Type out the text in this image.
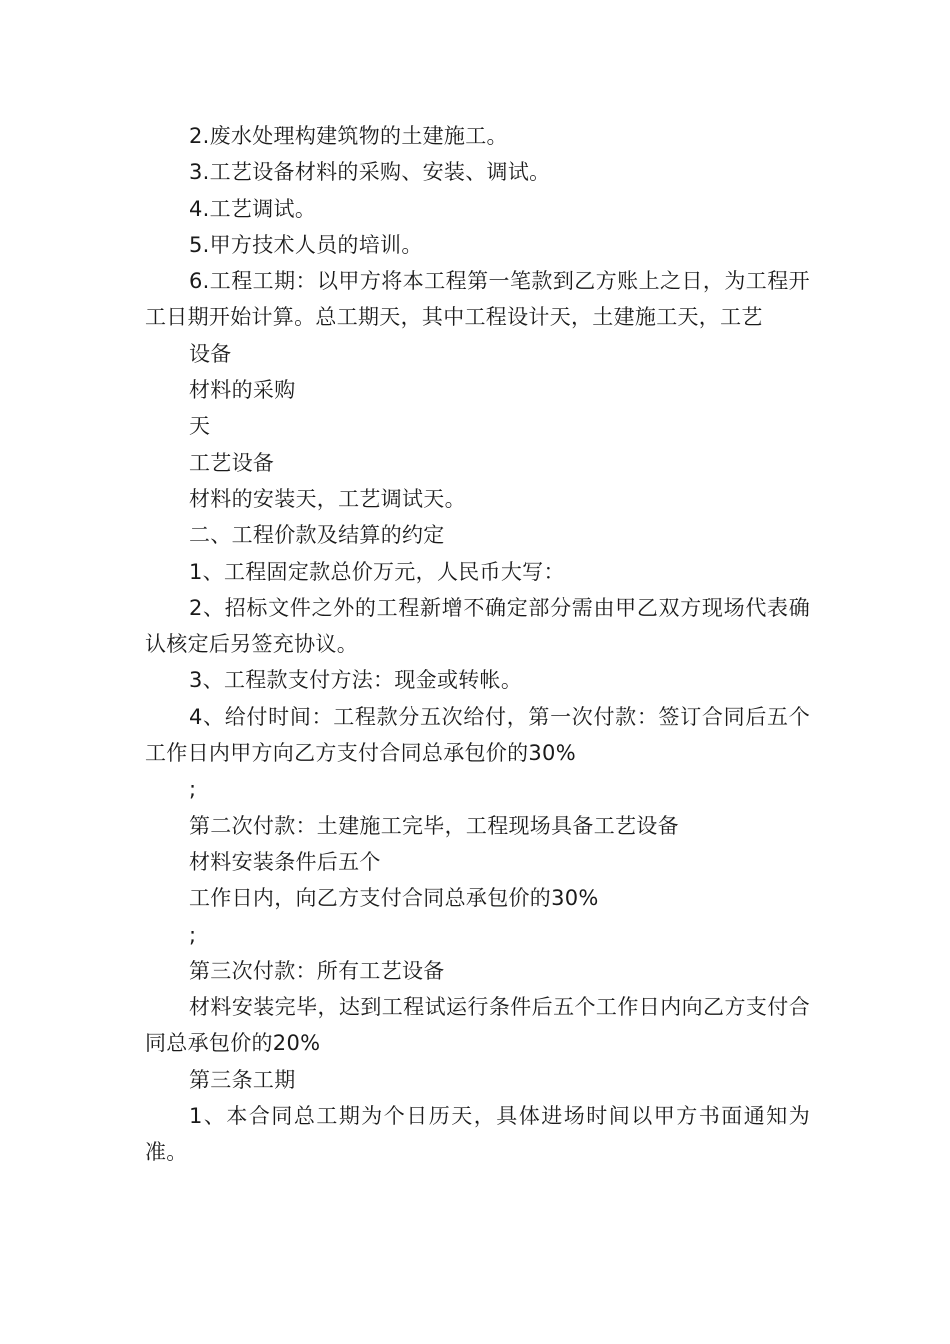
2.废水处理构建筑物的土建施工。

3.工艺设备材料的采购、安装、调试。

4.工艺调试。

5.甲方技术人员的培训。

6.工程工期：以甲方将本工程第一笔款到乙方账上之日，为工程开工日期开始计算。总工期天，其中工程设计天，土建施工天，工艺

设备

材料的采购

天

工艺设备

材料的安装天，工艺调试天。

二、工程价款及结算的约定

1、工程固定款总价万元，人民币大写：

2、招标文件之外的工程新增不确定部分需由甲乙双方现场代表确认核定后另签充协议。

3、工程款支付方法：现金或转帐。

4、给付时间：工程款分五次给付，第一次付款：签订合同后五个工作日内甲方向乙方支付合同总承包价的30%

;

第二次付款：土建施工完毕，工程现场具备工艺设备

材料安装条件后五个

工作日内，向乙方支付合同总承包价的30%

;

第三次付款：所有工艺设备

材料安装完毕，达到工程试运行条件后五个工作日内向乙方支付合同总承包价的20%

第三条工期

1、本合同总工期为个日历天，具体进场时间以甲方书面通知为准。
